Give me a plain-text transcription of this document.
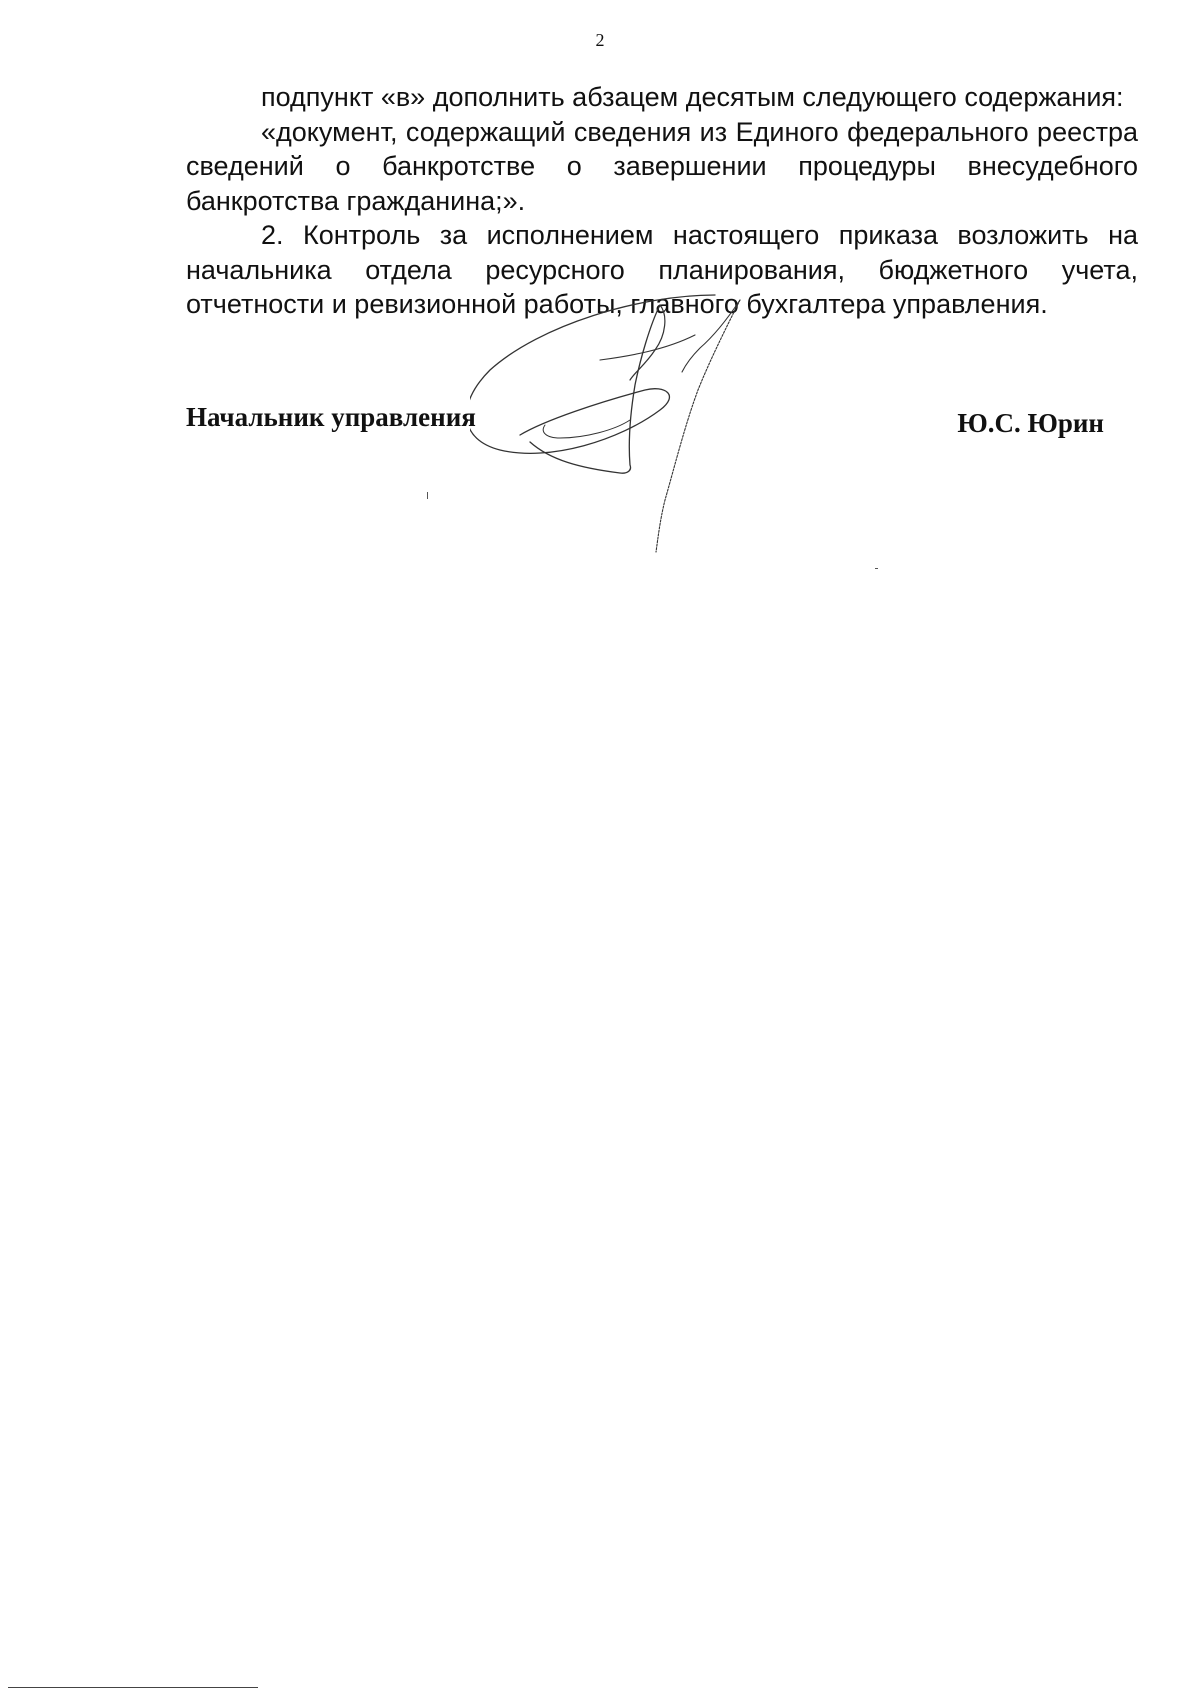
2

подпункт «в» дополнить абзацем десятым следующего содержания:

«документ, содержащий сведения из Единого федерального реестра сведений о банкротстве о завершении процедуры внесудебного банкротства гражданина;».

2. Контроль за исполнением настоящего приказа возложить на начальника отдела ресурсного планирования, бюджетного учета, отчетности и ревизионной работы, главного бухгалтера управления.

Начальник управления	Ю.С. Юрин
